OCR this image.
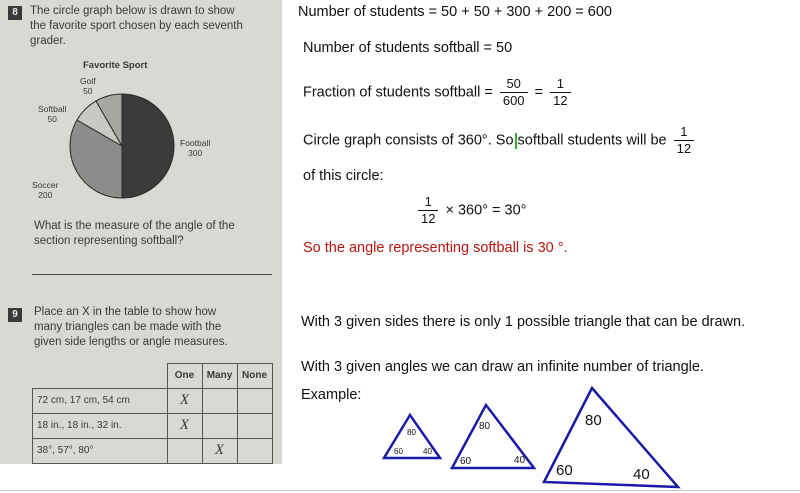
8	The circle graph below is drawn to show
the favorite sport chosen by each seventh
grader.
Favorite Sport
Golf
50
Softball
50
Football
300
Soccer
200
What is the measure of the angle of the
section representing softball?
9	Place an X in the table to show how
many triangles can be made with the
given side lengths or angle measures.
	One	Many	None
72 cm, 17 cm, 54 cm	X		
18 in., 18 in., 32 in.	X		
38°, 57°, 80°		X	
Number of students = 50 + 50 + 300 + 200 = 600
Number of students softball = 50
Fraction of students softball = $\frac{50}{600} = \frac{1}{12}$
Circle graph consists of 360°. So softball students will be $\frac{1}{12}$
of this circle:
$\frac{1}{12} \times 360^\circ = 30^\circ$
So the angle representing softball is 30 °.
With 3 given sides there is only 1 possible triangle that can be drawn.
With 3 given angles we can draw an infinite number of triangle.
Example:
80
60	40
80
60	40
80
60	40
